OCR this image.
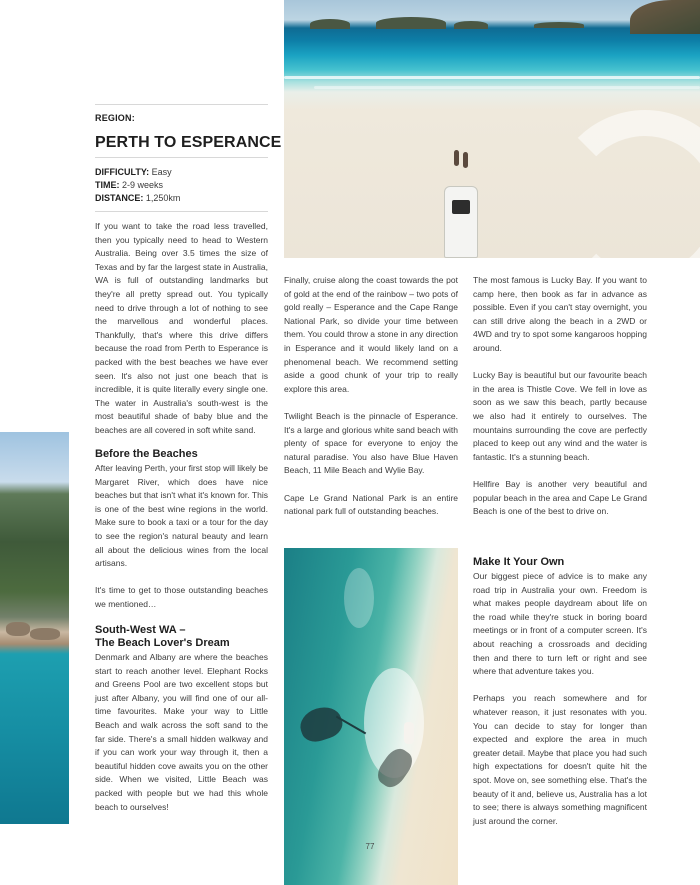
REGION:
PERTH TO ESPERANCE
DIFFICULTY: Easy
TIME: 2-9 weeks
DISTANCE: 1,250km

If you want to take the road less travelled, then you typically need to head to Western Australia. Being over 3.5 times the size of Texas and by far the largest state in Australia, WA is full of outstanding landmarks but they're all pretty spread out. You typically need to drive through a lot of nothing to see the marvellous and wonderful places. Thankfully, that's where this drive differs because the road from Perth to Esperance is packed with the best beaches we have ever seen. It's also not just one beach that is incredible, it is quite literally every single one. The water in Australia's south-west is the most beautiful shade of baby blue and the beaches are all covered in soft white sand.

Before the Beaches

After leaving Perth, your first stop will likely be Margaret River, which does have nice beaches but that isn't what it's known for. This is one of the best wine regions in the world. Make sure to book a taxi or a tour for the day to see the region's natural beauty and learn all about the delicious wines from the local artisans.

It's time to get to those outstanding beaches we mentioned…

South-West WA –
The Beach Lover's Dream

Denmark and Albany are where the beaches start to reach another level. Elephant Rocks and Greens Pool are two excellent stops but just after Albany, you will find one of our all-time favourites. Make your way to Little Beach and walk across the soft sand to the far side. There's a small hidden walkway and if you can work your way through it, then a beautiful hidden cove awaits you on the other side. When we visited, Little Beach was packed with people but we had this whole beach to ourselves!

Finally, cruise along the coast towards the pot of gold at the end of the rainbow – two pots of gold really – Esperance and the Cape Range National Park, so divide your time between them. You could throw a stone in any direction in Esperance and it would likely land on a phenomenal beach. We recommend setting aside a good chunk of your trip to really explore this area.

Twilight Beach is the pinnacle of Esperance. It's a large and glorious white sand beach with plenty of space for everyone to enjoy the natural paradise. You also have Blue Haven Beach, 11 Mile Beach and Wylie Bay.

Cape Le Grand National Park is an entire national park full of outstanding beaches.

The most famous is Lucky Bay. If you want to camp here, then book as far in advance as possible. Even if you can't stay overnight, you can still drive along the beach in a 2WD or 4WD and try to spot some kangaroos hopping around.

Lucky Bay is beautiful but our favourite beach in the area is Thistle Cove. We fell in love as soon as we saw this beach, partly because we also had it entirely to ourselves. The mountains surrounding the cove are perfectly placed to keep out any wind and the water is fantastic. It's a stunning beach.

Hellfire Bay is another very beautiful and popular beach in the area and Cape Le Grand Beach is one of the best to drive on.

Make It Your Own

Our biggest piece of advice is to make any road trip in Australia your own. Freedom is what makes people daydream about life on the road while they're stuck in boring board meetings or in front of a computer screen. It's about reaching a crossroads and deciding then and there to turn left or right and see where that adventure takes you.

Perhaps you reach somewhere and for whatever reason, it just resonates with you. You can decide to stay for longer than expected and explore the area in much greater detail. Maybe that place you had such high expectations for doesn't quite hit the spot. Move on, see something else. That's the beauty of it and, believe us, Australia has a lot to see; there is always something magnificent just around the corner.

77
